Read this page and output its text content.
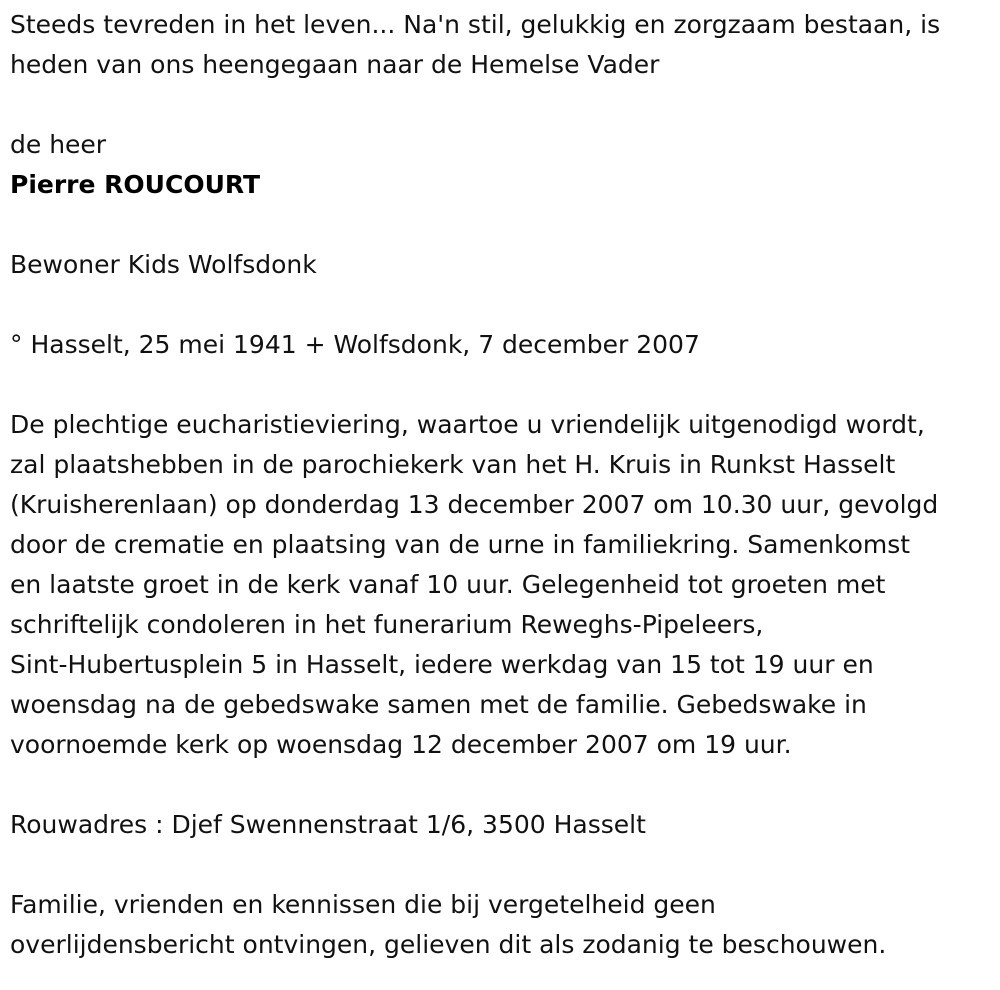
Steeds tevreden in het leven... Na'n stil, gelukkig en zorgzaam bestaan, is
heden van ons heengegaan naar de Hemelse Vader
de heer
Pierre ROUCOURT
Bewoner Kids Wolfsdonk
° Hasselt, 25 mei 1941 + Wolfsdonk, 7 december 2007
De plechtige eucharistieviering, waartoe u vriendelijk uitgenodigd wordt,
zal plaatshebben in de parochiekerk van het H. Kruis in Runkst Hasselt
(Kruisherenlaan) op donderdag 13 december 2007 om 10.30 uur, gevolgd
door de crematie en plaatsing van de urne in familiekring. Samenkomst
en laatste groet in de kerk vanaf 10 uur. Gelegenheid tot groeten met
schriftelijk condoleren in het funerarium Reweghs-Pipeleers,
Sint-Hubertusplein 5 in Hasselt, iedere werkdag van 15 tot 19 uur en
woensdag na de gebedswake samen met de familie. Gebedswake in
voornoemde kerk op woensdag 12 december 2007 om 19 uur.
Rouwadres : Djef Swennenstraat 1/6, 3500 Hasselt
Familie, vrienden en kennissen die bij vergetelheid geen
overlijdensbericht ontvingen, gelieven dit als zodanig te beschouwen.
